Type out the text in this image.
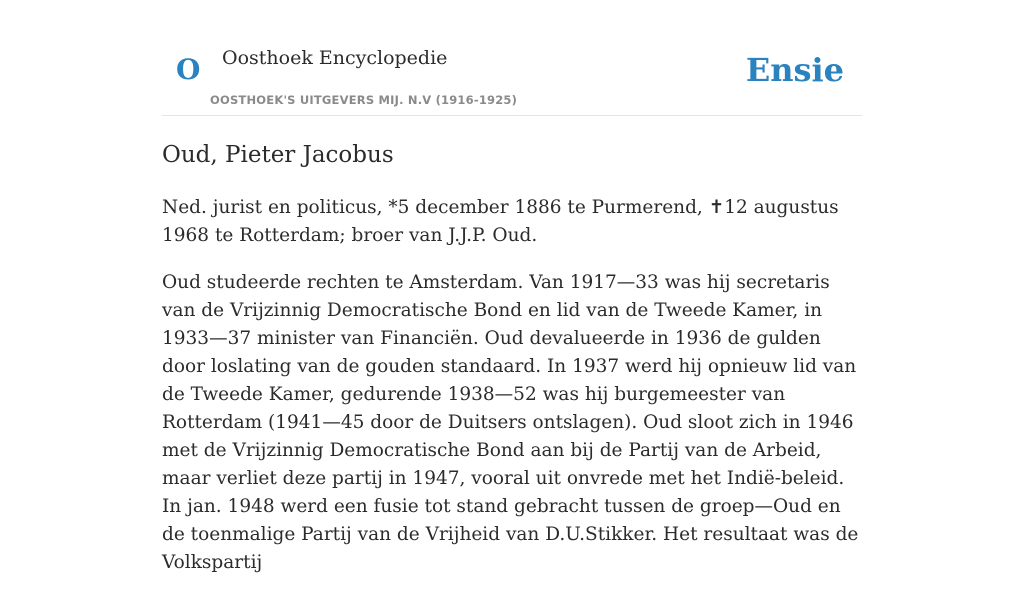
O Oosthoek Encyclopedie
OOSTHOEK'S UITGEVERS MIJ. N.V (1916-1925)
Ensie
Oud, Pieter Jacobus

Ned. jurist en politicus, *5 december 1886 te Purmerend, ✝12 augustus 1968 te Rotterdam; broer van J.J.P. Oud.

Oud studeerde rechten te Amsterdam. Van 1917—33 was hij secretaris van de Vrijzinnig Democratische Bond en lid van de Tweede Kamer, in 1933—37 minister van Financiën. Oud devalueerde in 1936 de gulden door loslating van de gouden standaard. In 1937 werd hij opnieuw lid van de Tweede Kamer, gedurende 1938—52 was hij burgemeester van Rotterdam (1941—45 door de Duitsers ontslagen). Oud sloot zich in 1946 met de Vrijzinnig Democratische Bond aan bij de Partij van de Arbeid, maar verliet deze partij in 1947, vooral uit onvrede met het Indië-beleid. In jan. 1948 werd een fusie tot stand gebracht tussen de groep—Oud en de toenmalige Partij van de Vrijheid van D.U.Stikker. Het resultaat was de Volkspartij
